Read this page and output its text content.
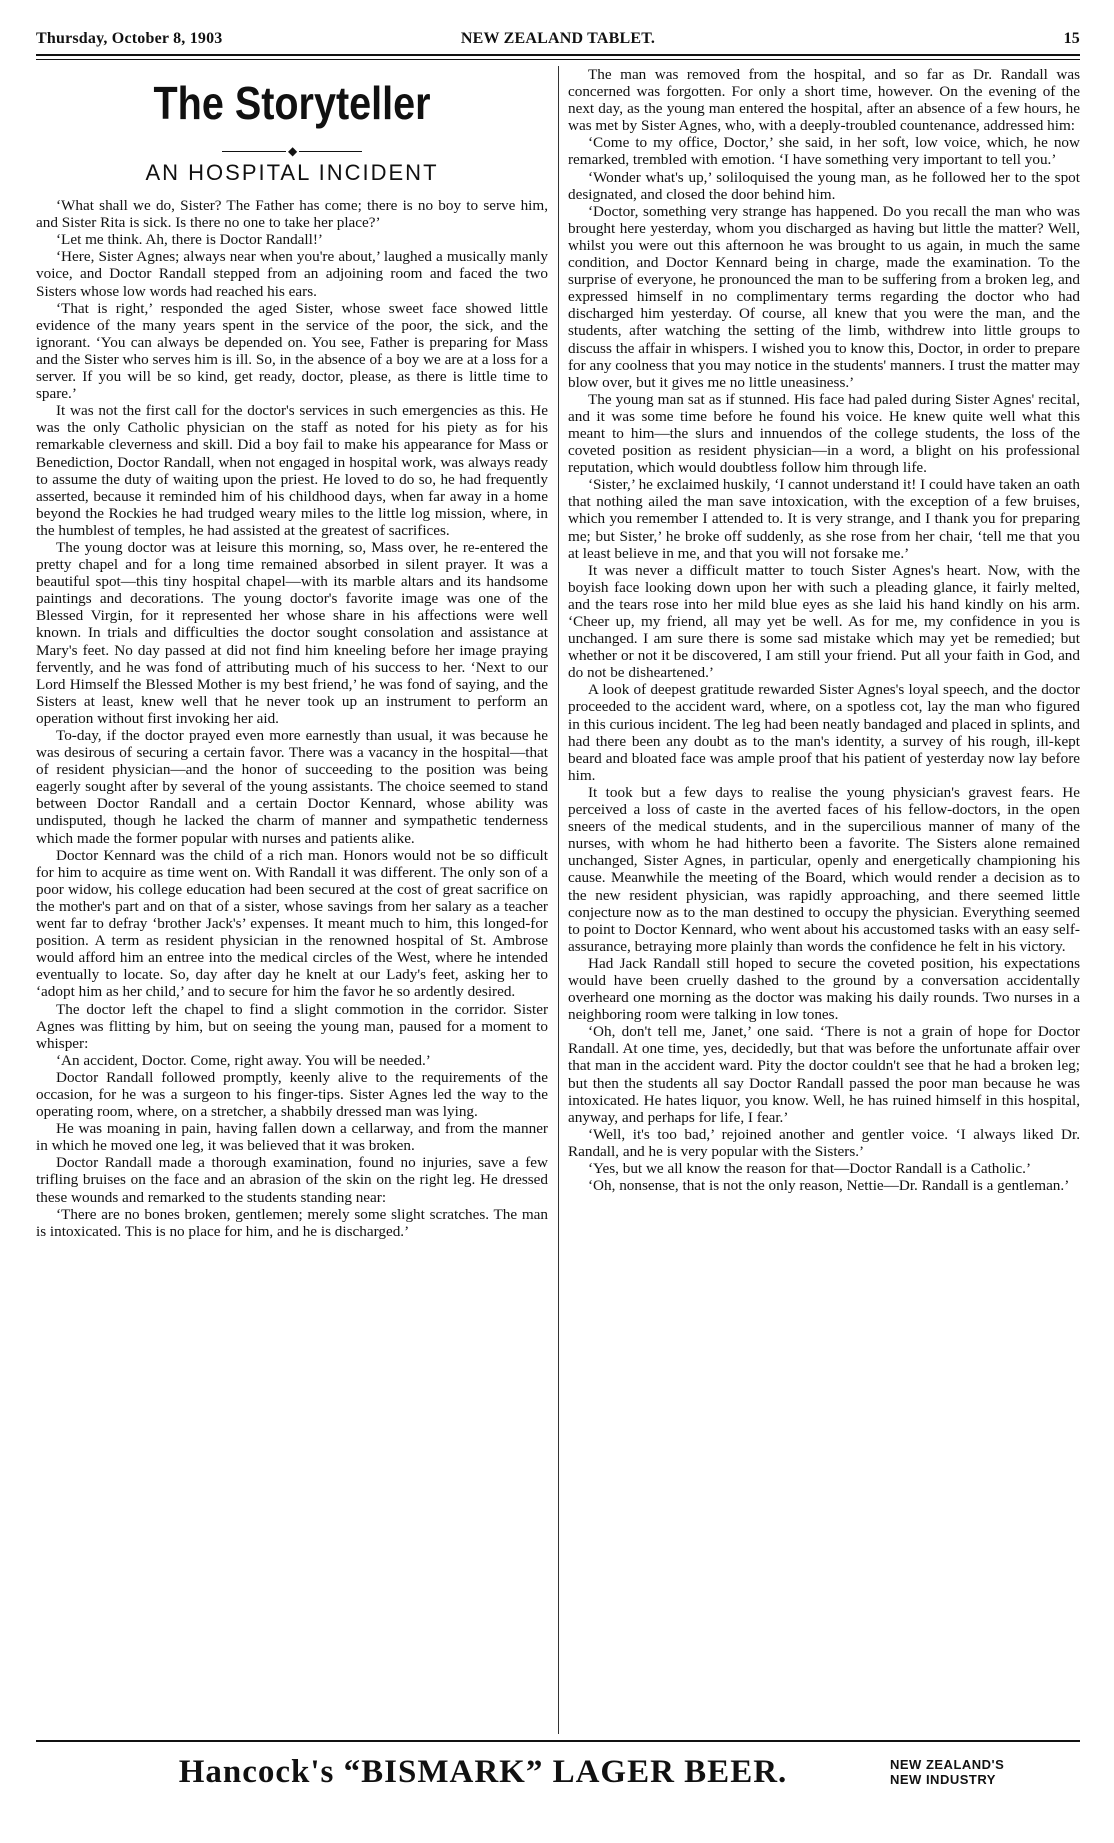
Thursday, October 8, 1903	NEW ZEALAND TABLET.	15
The Storyteller
◆
AN HOSPITAL INCIDENT

‘What shall we do, Sister? The Father has come; there is no boy to serve him, and Sister Rita is sick. Is there no one to take her place?’

‘Let me think. Ah, there is Doctor Randall!’

‘Here, Sister Agnes; always near when you're about,’ laughed a musically manly voice, and Doctor Randall stepped from an adjoining room and faced the two Sisters whose low words had reached his ears.

‘That is right,’ responded the aged Sister, whose sweet face showed little evidence of the many years spent in the service of the poor, the sick, and the ignorant. ‘You can always be depended on. You see, Father is preparing for Mass and the Sister who serves him is ill. So, in the absence of a boy we are at a loss for a server. If you will be so kind, get ready, doctor, please, as there is little time to spare.’

It was not the first call for the doctor's services in such emergencies as this. He was the only Catholic physician on the staff as noted for his piety as for his remarkable cleverness and skill. Did a boy fail to make his appearance for Mass or Benediction, Doctor Randall, when not engaged in hospital work, was always ready to assume the duty of waiting upon the priest. He loved to do so, he had frequently asserted, because it reminded him of his childhood days, when far away in a home beyond the Rockies he had trudged weary miles to the little log mission, where, in the humblest of temples, he had assisted at the greatest of sacrifices.

The young doctor was at leisure this morning, so, Mass over, he re-entered the pretty chapel and for a long time remained absorbed in silent prayer. It was a beautiful spot—this tiny hospital chapel—with its marble altars and its handsome paintings and decorations. The young doctor's favorite image was one of the Blessed Virgin, for it represented her whose share in his affections were well known. In trials and difficulties the doctor sought consolation and assistance at Mary's feet. No day passed at did not find him kneeling before her image praying fervently, and he was fond of attributing much of his success to her. ‘Next to our Lord Himself the Blessed Mother is my best friend,’ he was fond of saying, and the Sisters at least, knew well that he never took up an instrument to perform an operation without first invoking her aid.

To-day, if the doctor prayed even more earnestly than usual, it was because he was desirous of securing a certain favor. There was a vacancy in the hospital—that of resident physician—and the honor of succeeding to the position was being eagerly sought after by several of the young assistants. The choice seemed to stand between Doctor Randall and a certain Doctor Kennard, whose ability was undisputed, though he lacked the charm of manner and sympathetic tenderness which made the former popular with nurses and patients alike.

Doctor Kennard was the child of a rich man. Honors would not be so difficult for him to acquire as time went on. With Randall it was different. The only son of a poor widow, his college education had been secured at the cost of great sacrifice on the mother's part and on that of a sister, whose savings from her salary as a teacher went far to defray ‘brother Jack's’ expenses. It meant much to him, this longed-for position. A term as resident physician in the renowned hospital of St. Ambrose would afford him an entree into the medical circles of the West, where he intended eventually to locate. So, day after day he knelt at our Lady's feet, asking her to ‘adopt him as her child,’ and to secure for him the favor he so ardently desired.

The doctor left the chapel to find a slight commotion in the corridor. Sister Agnes was flitting by him, but on seeing the young man, paused for a moment to whisper:

‘An accident, Doctor. Come, right away. You will be needed.’

Doctor Randall followed promptly, keenly alive to the requirements of the occasion, for he was a surgeon to his finger-tips. Sister Agnes led the way to the operating room, where, on a stretcher, a shabbily dressed man was lying.

He was moaning in pain, having fallen down a cellarway, and from the manner in which he moved one leg, it was believed that it was broken.

Doctor Randall made a thorough examination, found no injuries, save a few trifling bruises on the face and an abrasion of the skin on the right leg. He dressed these wounds and remarked to the students standing near:

‘There are no bones broken, gentlemen; merely some slight scratches. The man is intoxicated. This is no place for him, and he is discharged.’

The man was removed from the hospital, and so far as Dr. Randall was concerned was forgotten. For only a short time, however. On the evening of the next day, as the young man entered the hospital, after an absence of a few hours, he was met by Sister Agnes, who, with a deeply-troubled countenance, addressed him:

‘Come to my office, Doctor,’ she said, in her soft, low voice, which, he now remarked, trembled with emotion. ‘I have something very important to tell you.’

‘Wonder what's up,’ soliloquised the young man, as he followed her to the spot designated, and closed the door behind him.

‘Doctor, something very strange has happened. Do you recall the man who was brought here yesterday, whom you discharged as having but little the matter? Well, whilst you were out this afternoon he was brought to us again, in much the same condition, and Doctor Kennard being in charge, made the examination. To the surprise of everyone, he pronounced the man to be suffering from a broken leg, and expressed himself in no complimentary terms regarding the doctor who had discharged him yesterday. Of course, all knew that you were the man, and the students, after watching the setting of the limb, withdrew into little groups to discuss the affair in whispers. I wished you to know this, Doctor, in order to prepare for any coolness that you may notice in the students' manners. I trust the matter may blow over, but it gives me no little uneasiness.’

The young man sat as if stunned. His face had paled during Sister Agnes' recital, and it was some time before he found his voice. He knew quite well what this meant to him—the slurs and innuendos of the college students, the loss of the coveted position as resident physician—in a word, a blight on his professional reputation, which would doubtless follow him through life.

‘Sister,’ he exclaimed huskily, ‘I cannot understand it! I could have taken an oath that nothing ailed the man save intoxication, with the exception of a few bruises, which you remember I attended to. It is very strange, and I thank you for preparing me; but Sister,’ he broke off suddenly, as she rose from her chair, ‘tell me that you at least believe in me, and that you will not forsake me.’

It was never a difficult matter to touch Sister Agnes's heart. Now, with the boyish face looking down upon her with such a pleading glance, it fairly melted, and the tears rose into her mild blue eyes as she laid his hand kindly on his arm. ‘Cheer up, my friend, all may yet be well. As for me, my confidence in you is unchanged. I am sure there is some sad mistake which may yet be remedied; but whether or not it be discovered, I am still your friend. Put all your faith in God, and do not be disheartened.’

A look of deepest gratitude rewarded Sister Agnes's loyal speech, and the doctor proceeded to the accident ward, where, on a spotless cot, lay the man who figured in this curious incident. The leg had been neatly bandaged and placed in splints, and had there been any doubt as to the man's identity, a survey of his rough, ill-kept beard and bloated face was ample proof that his patient of yesterday now lay before him.

It took but a few days to realise the young physician's gravest fears. He perceived a loss of caste in the averted faces of his fellow-doctors, in the open sneers of the medical students, and in the supercilious manner of many of the nurses, with whom he had hitherto been a favorite. The Sisters alone remained unchanged, Sister Agnes, in particular, openly and energetically championing his cause. Meanwhile the meeting of the Board, which would render a decision as to the new resident physician, was rapidly approaching, and there seemed little conjecture now as to the man destined to occupy the physician. Everything seemed to point to Doctor Kennard, who went about his accustomed tasks with an easy self-assurance, betraying more plainly than words the confidence he felt in his victory.

Had Jack Randall still hoped to secure the coveted position, his expectations would have been cruelly dashed to the ground by a conversation accidentally overheard one morning as the doctor was making his daily rounds. Two nurses in a neighboring room were talking in low tones.

‘Oh, don't tell me, Janet,’ one said. ‘There is not a grain of hope for Doctor Randall. At one time, yes, decidedly, but that was before the unfortunate affair over that man in the accident ward. Pity the doctor couldn't see that he had a broken leg; but then the students all say Doctor Randall passed the poor man because he was intoxicated. He hates liquor, you know. Well, he has ruined himself in this hospital, anyway, and perhaps for life, I fear.’

‘Well, it's too bad,’ rejoined another and gentler voice. ‘I always liked Dr. Randall, and he is very popular with the Sisters.’

‘Yes, but we all know the reason for that—Doctor Randall is a Catholic.’

‘Oh, nonsense, that is not the only reason, Nettie—Dr. Randall is a gentleman.’

Hancock's “BISMARK” LAGER BEER.	NEW ZEALAND'S
NEW INDUSTRY
